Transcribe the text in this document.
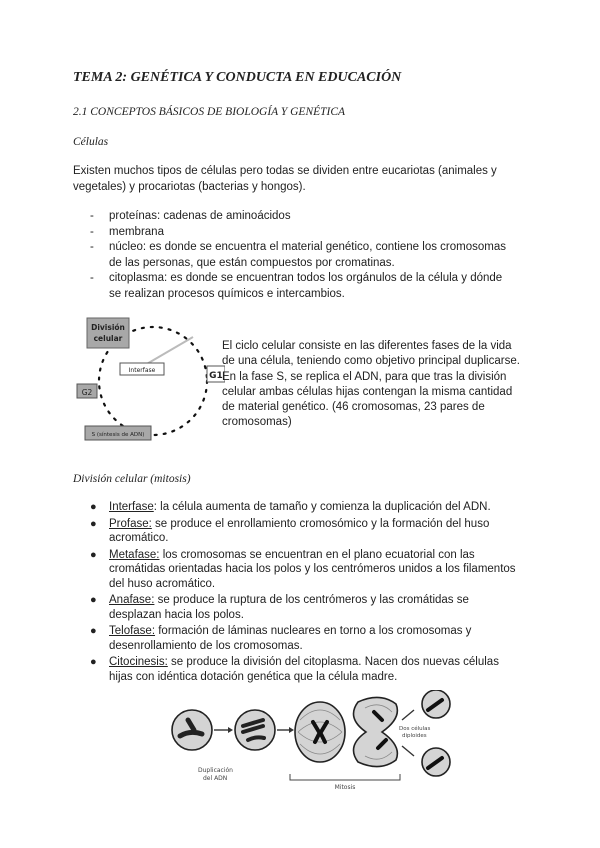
TEMA 2: GENÉTICA Y CONDUCTA EN EDUCACIÓN
2.1 CONCEPTOS BÁSICOS DE BIOLOGÍA Y GENÉTICA
Células
Existen muchos tipos de células pero todas se dividen entre eucariotas (animales y vegetales) y procariotas (bacterias y hongos).
- proteínas: cadenas de aminoácidos
- membrana
- núcleo: es donde se encuentra el material genético, contiene los cromosomas de las personas, que están compuestos por cromatinas.
- citoplasma: es donde se encuentran todos los orgánulos de la célula y dónde se realizan procesos químicos e intercambios.
División
celular
Interfase
G1
G2
S (síntesis de ADN)
El ciclo celular consiste en las diferentes fases de la vida de una célula, teniendo como objetivo principal duplicarse. En la fase S, se replica el ADN, para que tras la división celular ambas células hijas contengan la misma cantidad de material genético. (46 cromosomas, 23 pares de cromosomas)
División celular (mitosis)
● Interfase: la célula aumenta de tamaño y comienza la duplicación del ADN.
● Profase: se produce el enrollamiento cromosómico y la formación del huso acromático.
● Metafase: los cromosomas se encuentran en el plano ecuatorial con las cromátidas orientadas hacia los polos y los centrómeros unidos a los filamentos del huso acromático.
● Anafase: se produce la ruptura de los centrómeros y las cromátidas se desplazan hacia los polos.
● Telofase: formación de láminas nucleares en torno a los cromosomas y desenrollamiento de los cromosomas.
● Citocinesis: se produce la división del citoplasma. Nacen dos nuevas células hijas con idéntica dotación genética que la célula madre.
Dos células
diploides
Duplicación
del ADN
Mitosis
